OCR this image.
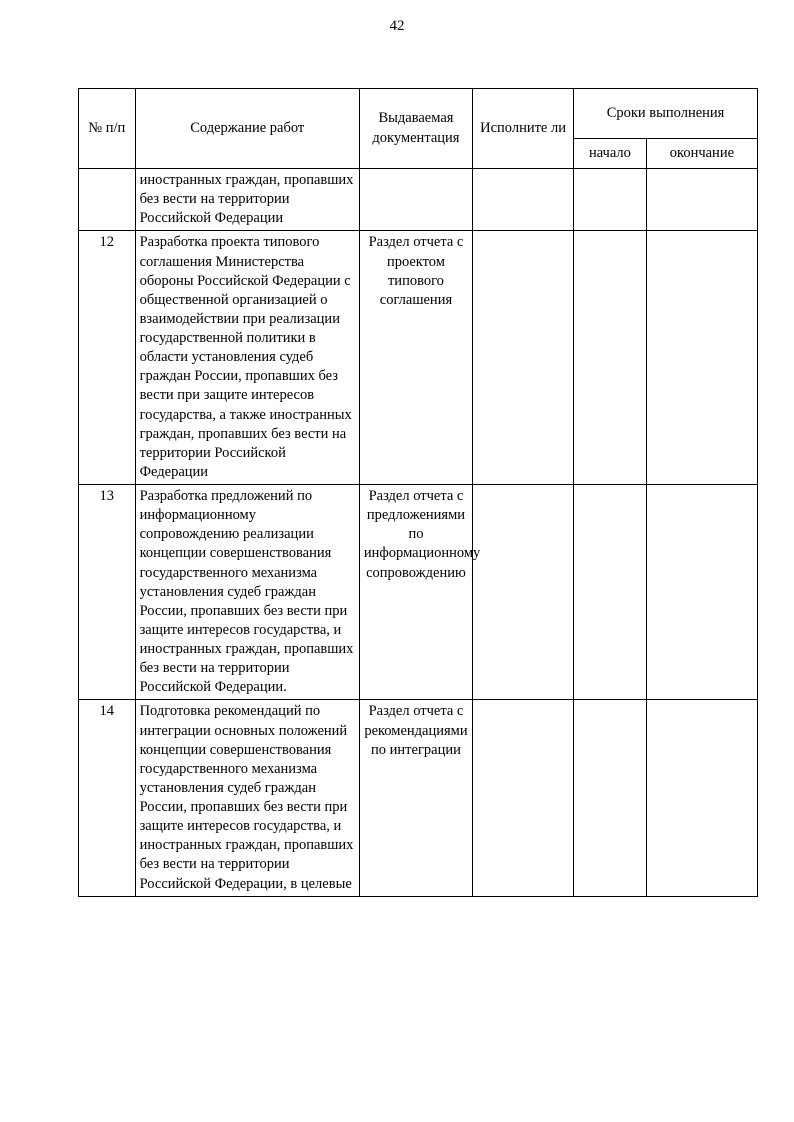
42
№ п/п	Содержание работ	Выдаваемая документация	Исполните ли	Сроки выполнения	
				начало	окончание
	иностранных граждан, пропавших без вести на территории Российской Федерации				
12	Разработка проекта типового соглашения Министерства обороны Российской Федерации с общественной организацией о взаимодействии при реализации государственной политики в области установления судеб граждан России, пропавших без вести при защите интересов государства, а также иностранных граждан, пропавших без вести на территории Российской Федерации	Раздел отчета с проектом типового соглашения			
13	Разработка предложений по информационному сопровождению реализации концепции совершенствования государственного механизма установления судеб граждан России, пропавших без вести при защите интересов государства, и иностранных граждан, пропавших без вести на территории Российской Федерации.	Раздел отчета с предложениями по информационному сопровождению			
14	Подготовка рекомендаций по интеграции основных положений концепции совершенствования государственного механизма установления судеб граждан России, пропавших без вести при защите интересов государства, и иностранных граждан, пропавших без вести на территории Российской Федерации, в целевые	Раздел отчета с рекомендациями по интеграции			
